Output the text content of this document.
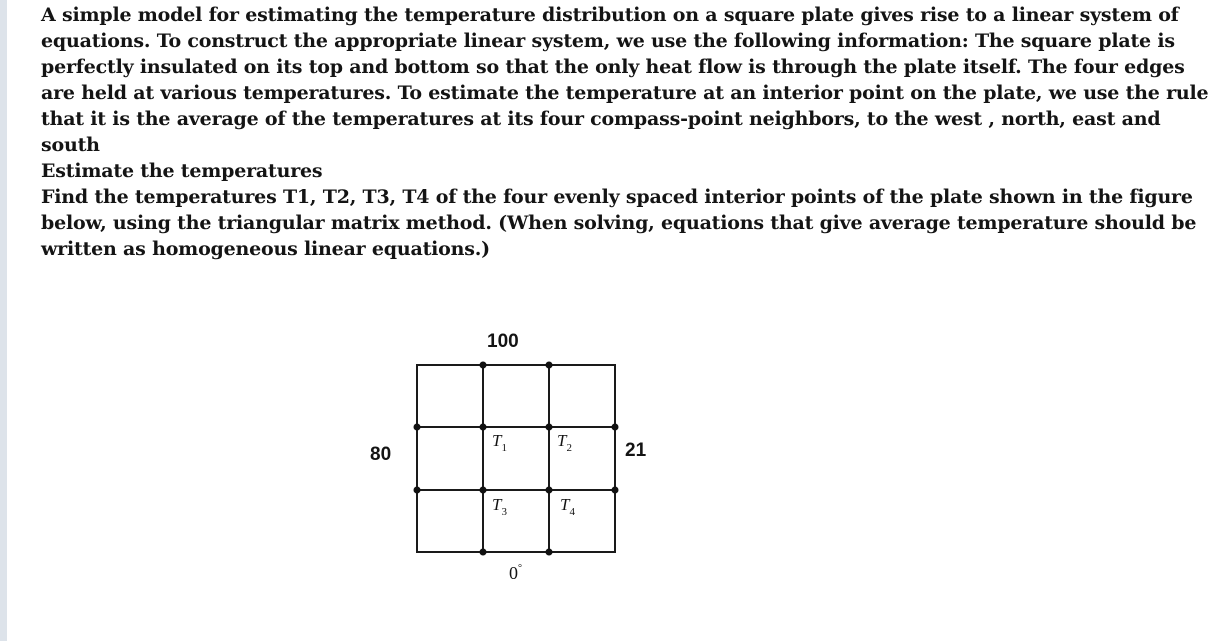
A simple model for estimating the temperature distribution on a square plate gives rise to a linear system of equations. To construct the appropriate linear system, we use the following information: The square plate is perfectly insulated on its top and bottom so that the only heat flow is through the plate itself. The four edges are held at various temperatures. To estimate the temperature at an interior point on the plate, we use the rule that it is the average of the temperatures at its four compass-point neighbors, to the west , north, east and south

Estimate the temperatures

Find the temperatures T1, T2, T3, T4 of the four evenly spaced interior points of the plate shown in the figure below, using the triangular matrix method. (When solving, equations that give average temperature should be written as homogeneous linear equations.)

100
80	21
0°
$T_1$	$T_2$
$T_3$	$T_4$
